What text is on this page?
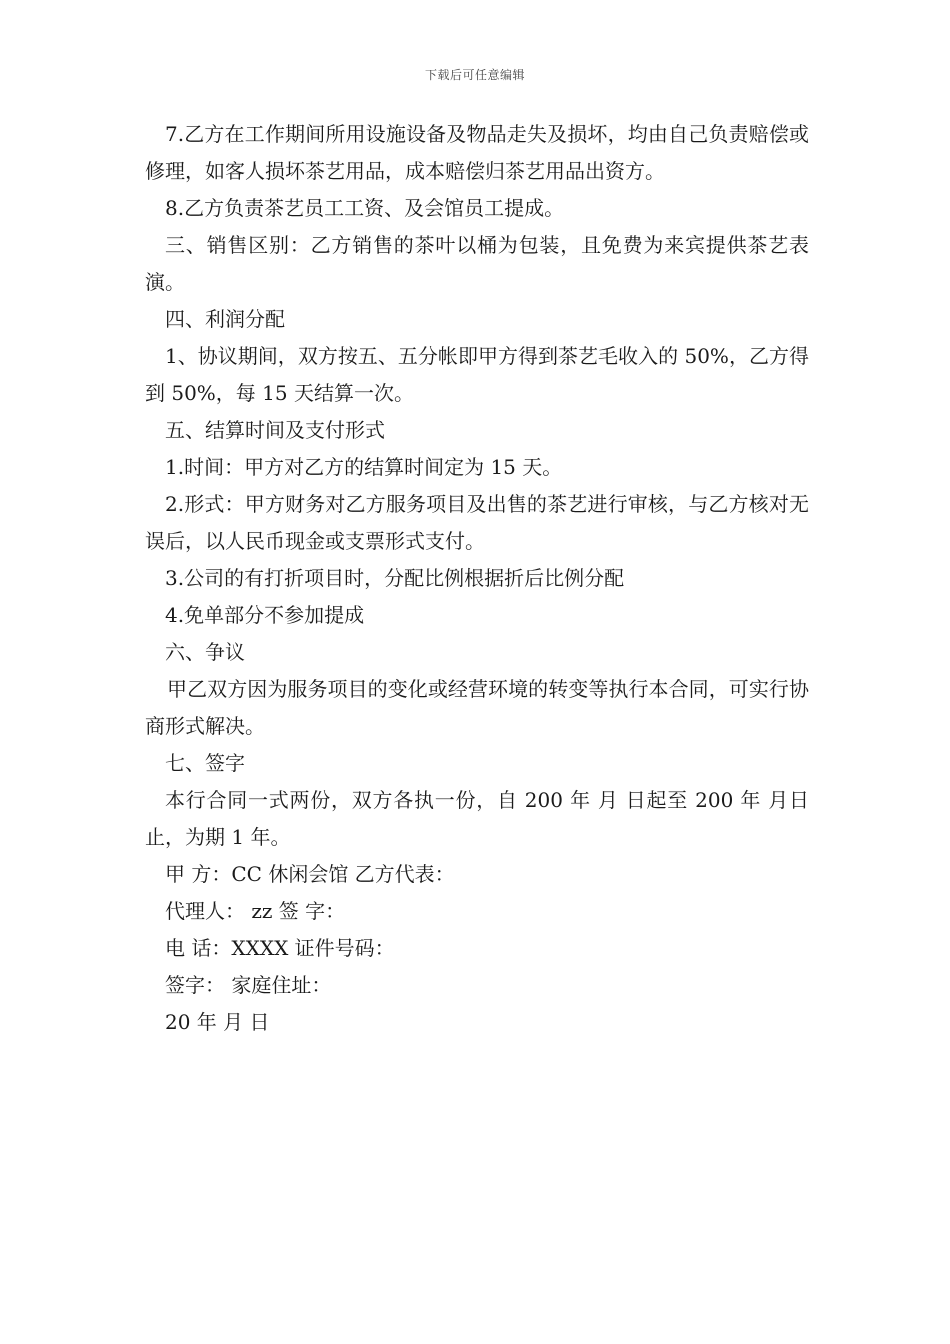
下载后可任意编辑

7.乙方在工作期间所用设施设备及物品走失及损坏，均由自己负责赔偿或修理，如客人损坏茶艺用品，成本赔偿归茶艺用品出资方。

8.乙方负责茶艺员工工资、及会馆员工提成。

三、销售区别：乙方销售的茶叶以桶为包装，且免费为来宾提供茶艺表演。

四、利润分配

1、协议期间，双方按五、五分帐即甲方得到茶艺毛收入的 50%，乙方得到 50%，每 15 天结算一次。

五、结算时间及支付形式

1.时间：甲方对乙方的结算时间定为 15 天。

2.形式：甲方财务对乙方服务项目及出售的茶艺进行审核，与乙方核对无误后，以人民币现金或支票形式支付。

3.公司的有打折项目时，分配比例根据折后比例分配

4.免单部分不参加提成

六、争议

甲乙双方因为服务项目的变化或经营环境的转变等执行本合同，可实行协商形式解决。

七、签字

本行合同一式两份，双方各执一份，自 200 年 月 日起至 200 年 月日止，为期 1 年。

甲 方：CC 休闲会馆 乙方代表：

代理人： zz 签 字：

电 话：XXXX 证件号码：

签字： 家庭住址：

20 年 月 日
